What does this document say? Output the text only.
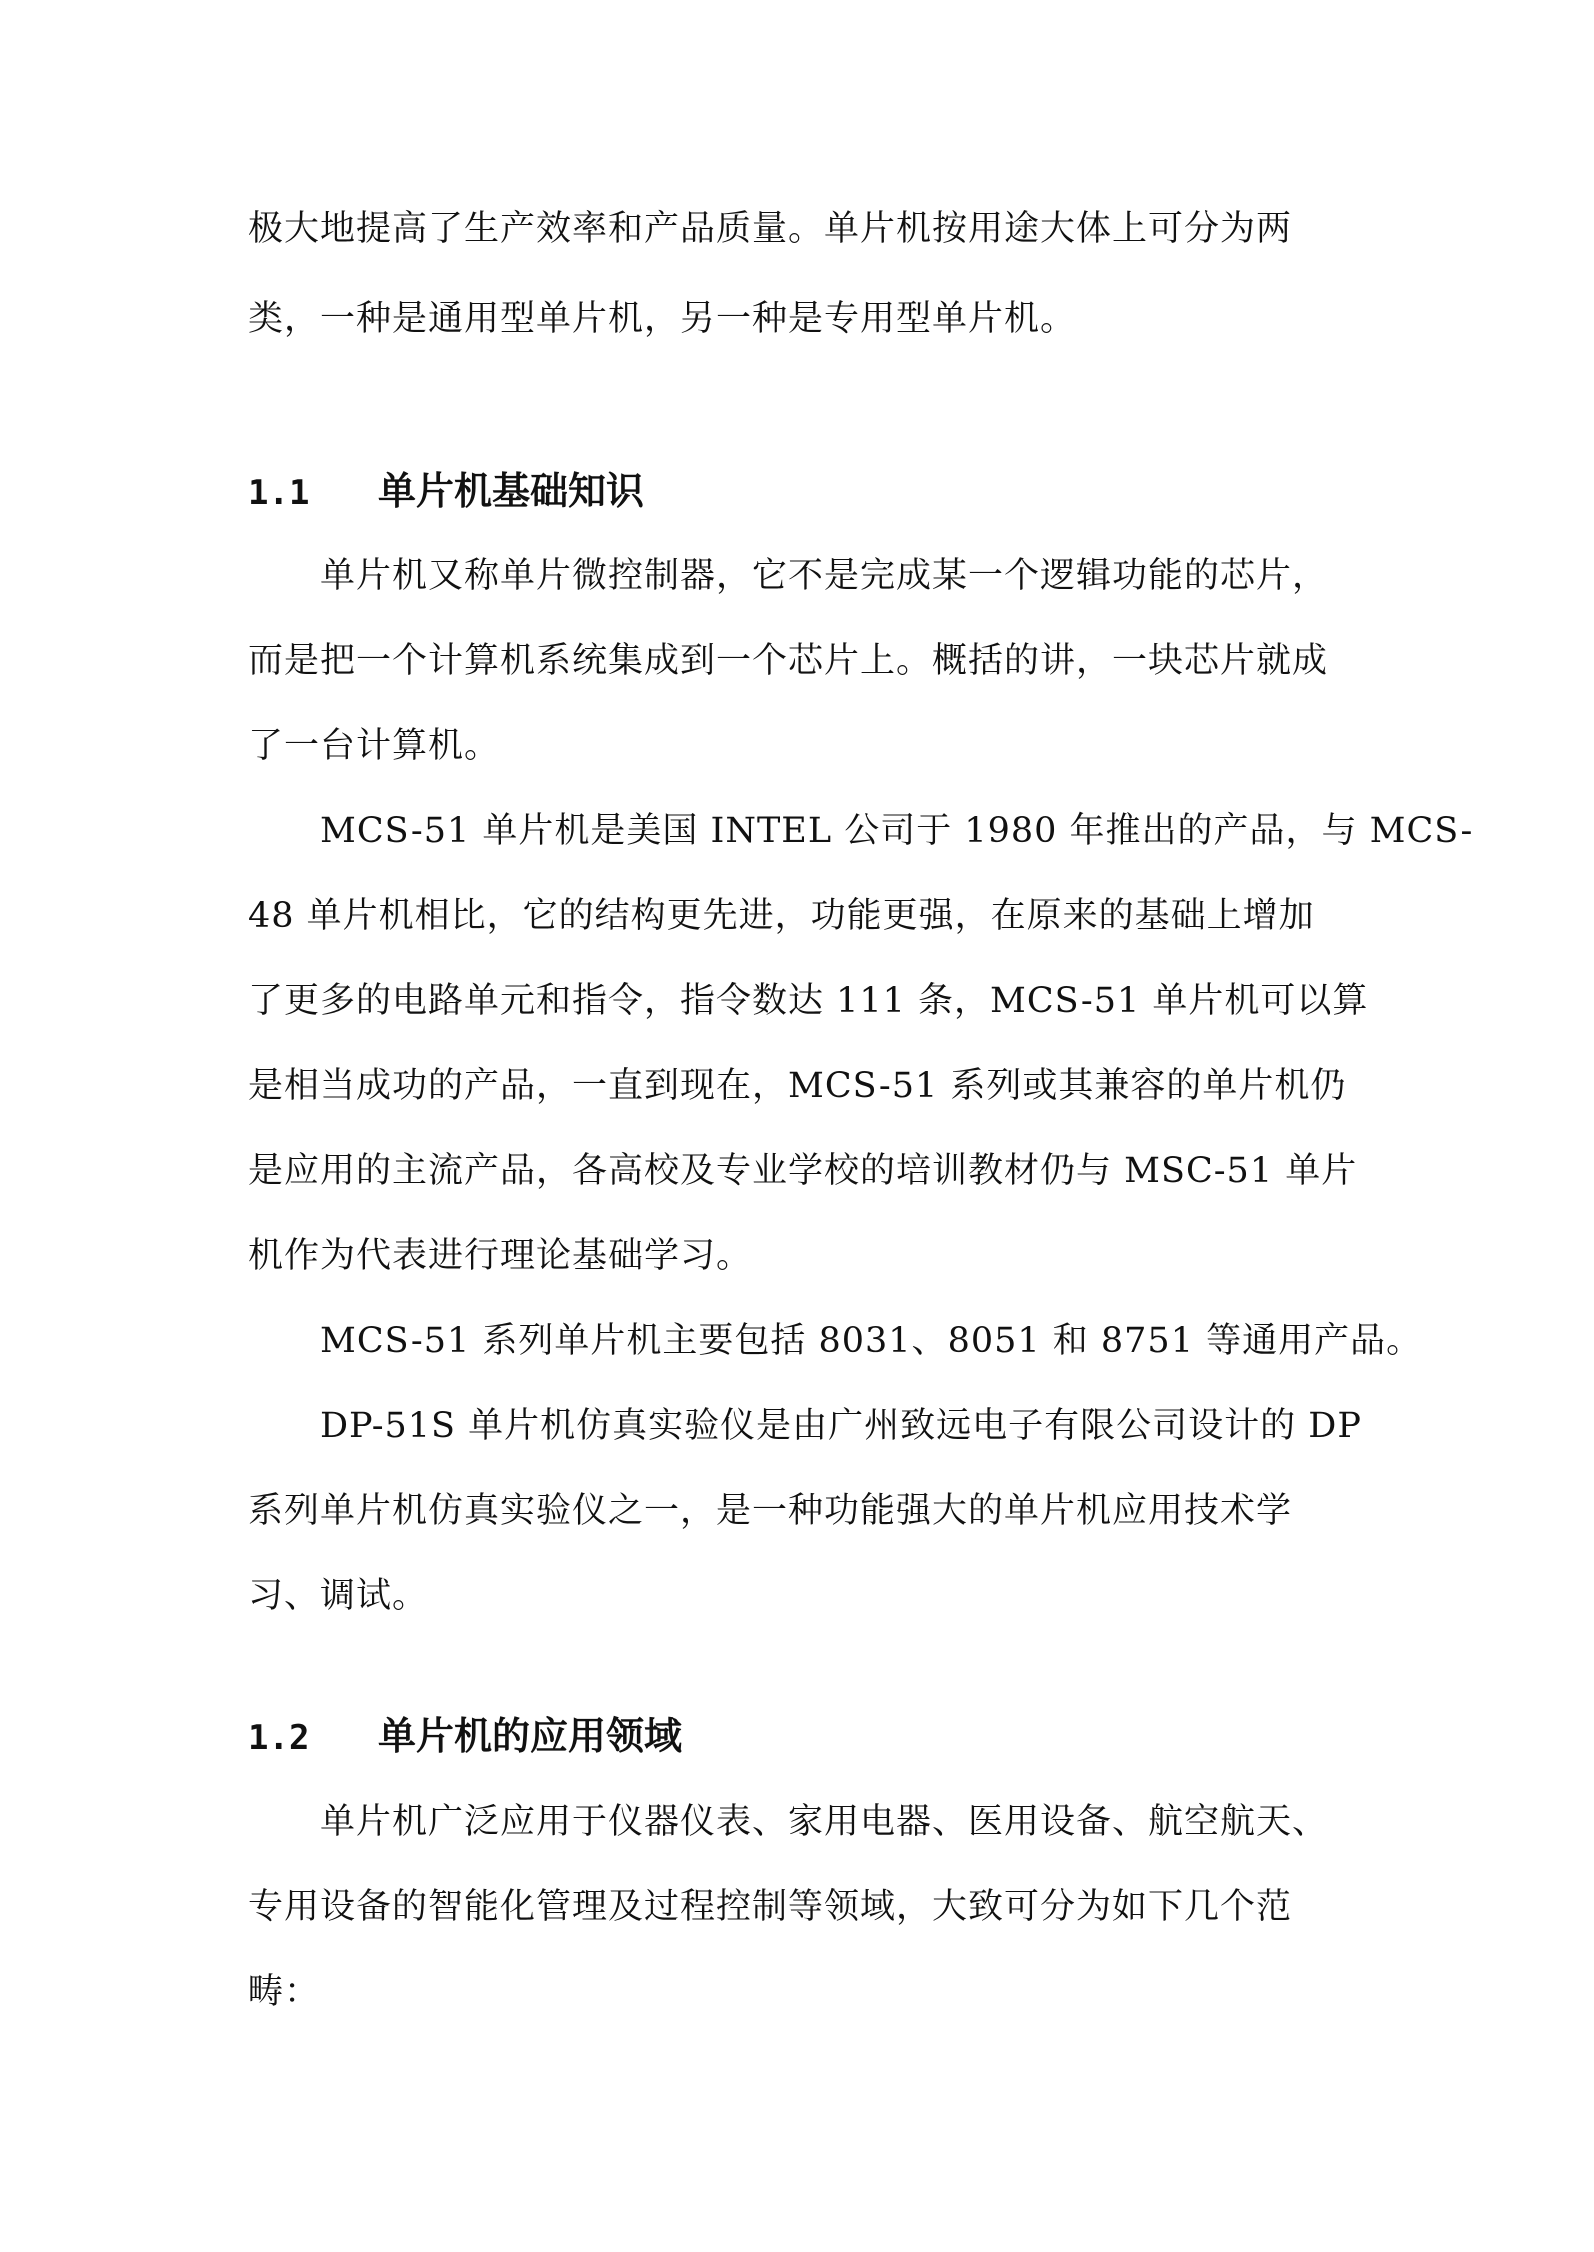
极大地提高了生产效率和产品质量。单片机按用途大体上可分为两

类，一种是通用型单片机，另一种是专用型单片机。

1.1 单片机基础知识

单片机又称单片微控制器，它不是完成某一个逻辑功能的芯片，

而是把一个计算机系统集成到一个芯片上。概括的讲，一块芯片就成

了一台计算机。

MCS-51 单片机是美国 INTEL 公司于 1980 年推出的产品，与 MCS-

48 单片机相比，它的结构更先进，功能更强，在原来的基础上增加

了更多的电路单元和指令，指令数达 111 条，MCS-51 单片机可以算

是相当成功的产品，一直到现在，MCS-51 系列或其兼容的单片机仍

是应用的主流产品，各高校及专业学校的培训教材仍与 MSC-51 单片

机作为代表进行理论基础学习。

MCS-51 系列单片机主要包括 8031、8051 和 8751 等通用产品。

DP-51S 单片机仿真实验仪是由广州致远电子有限公司设计的 DP

系列单片机仿真实验仪之一，是一种功能强大的单片机应用技术学

习、调试。

1.2 单片机的应用领域

单片机广泛应用于仪器仪表、家用电器、医用设备、航空航天、

专用设备的智能化管理及过程控制等领域，大致可分为如下几个范

畴：
